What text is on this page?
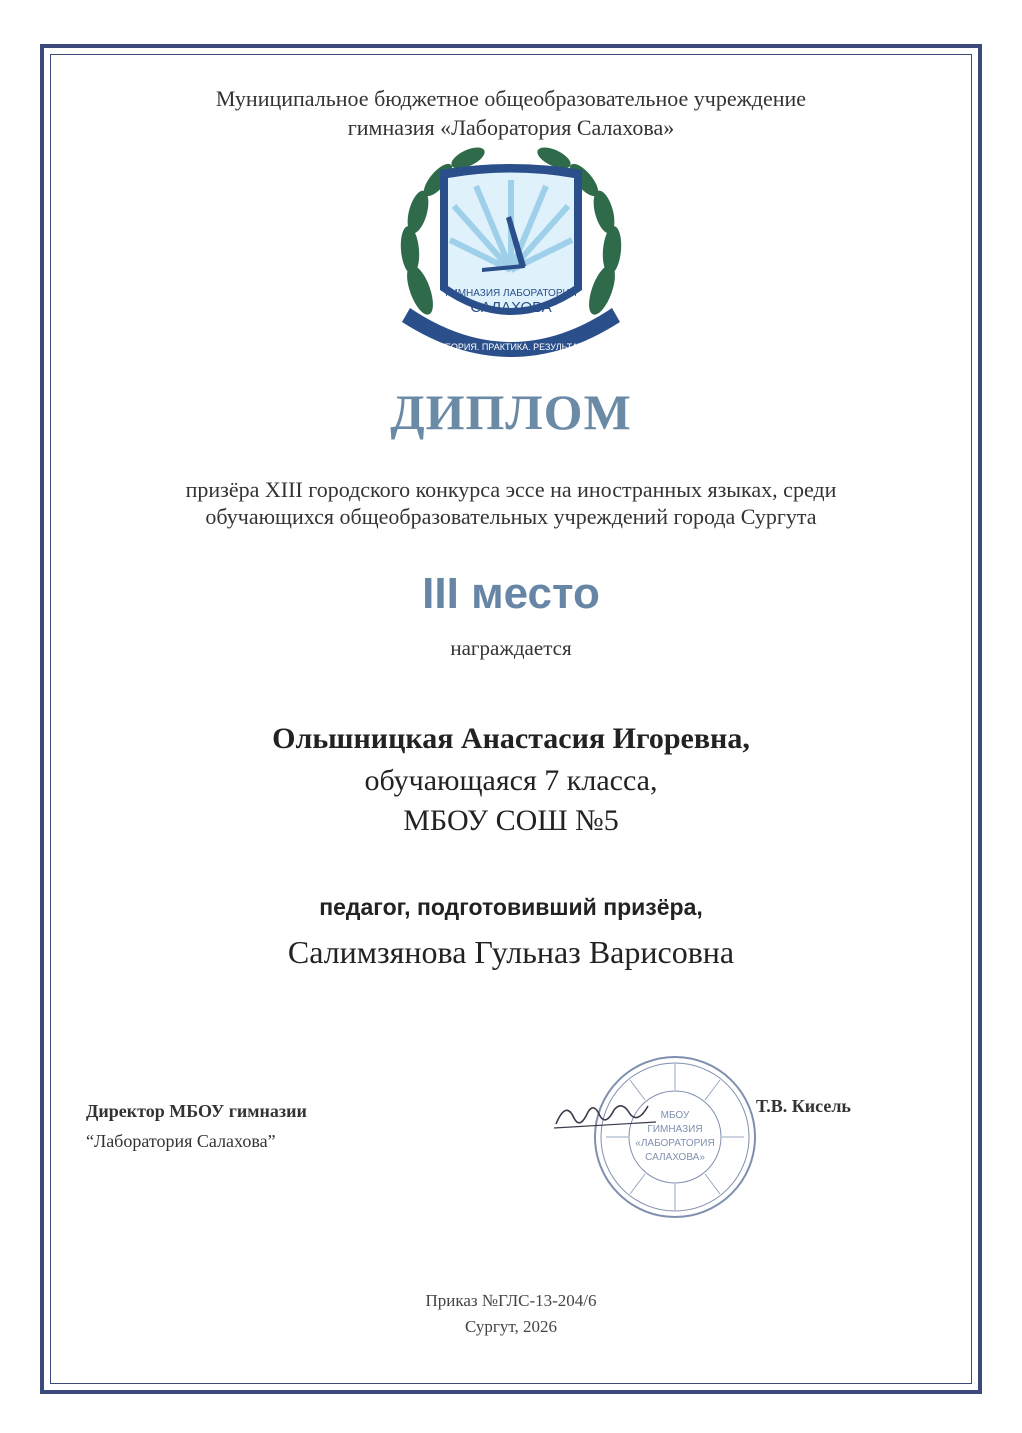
Муниципальное бюджетное общеобразовательное учреждение
гимназия «Лаборатория Салахова»
ГИМНАЗИЯ ЛАБОРАТОРИЯ
САЛАХОВА
ТЕОРИЯ. ПРАКТИКА. РЕЗУЛЬТАТ
ДИПЛОМ
призёра XIII городского конкурса эссе на иностранных языках, среди
обучающихся общеобразовательных учреждений города Сургута
III место
награждается
Ольшницкая Анастасия Игоревна,
обучающаяся 7 класса,
МБОУ СОШ №5
педагог, подготовивший призёра,
Салимзянова Гульназ Варисовна
Директор МБОУ гимназии
“Лаборатория Салахова”
МБОУ
ГИМНАЗИЯ
«ЛАБОРАТОРИЯ
САЛАХОВА»
Т.В. Кисель
Приказ №ГЛС-13-204/6
Сургут, 2026
